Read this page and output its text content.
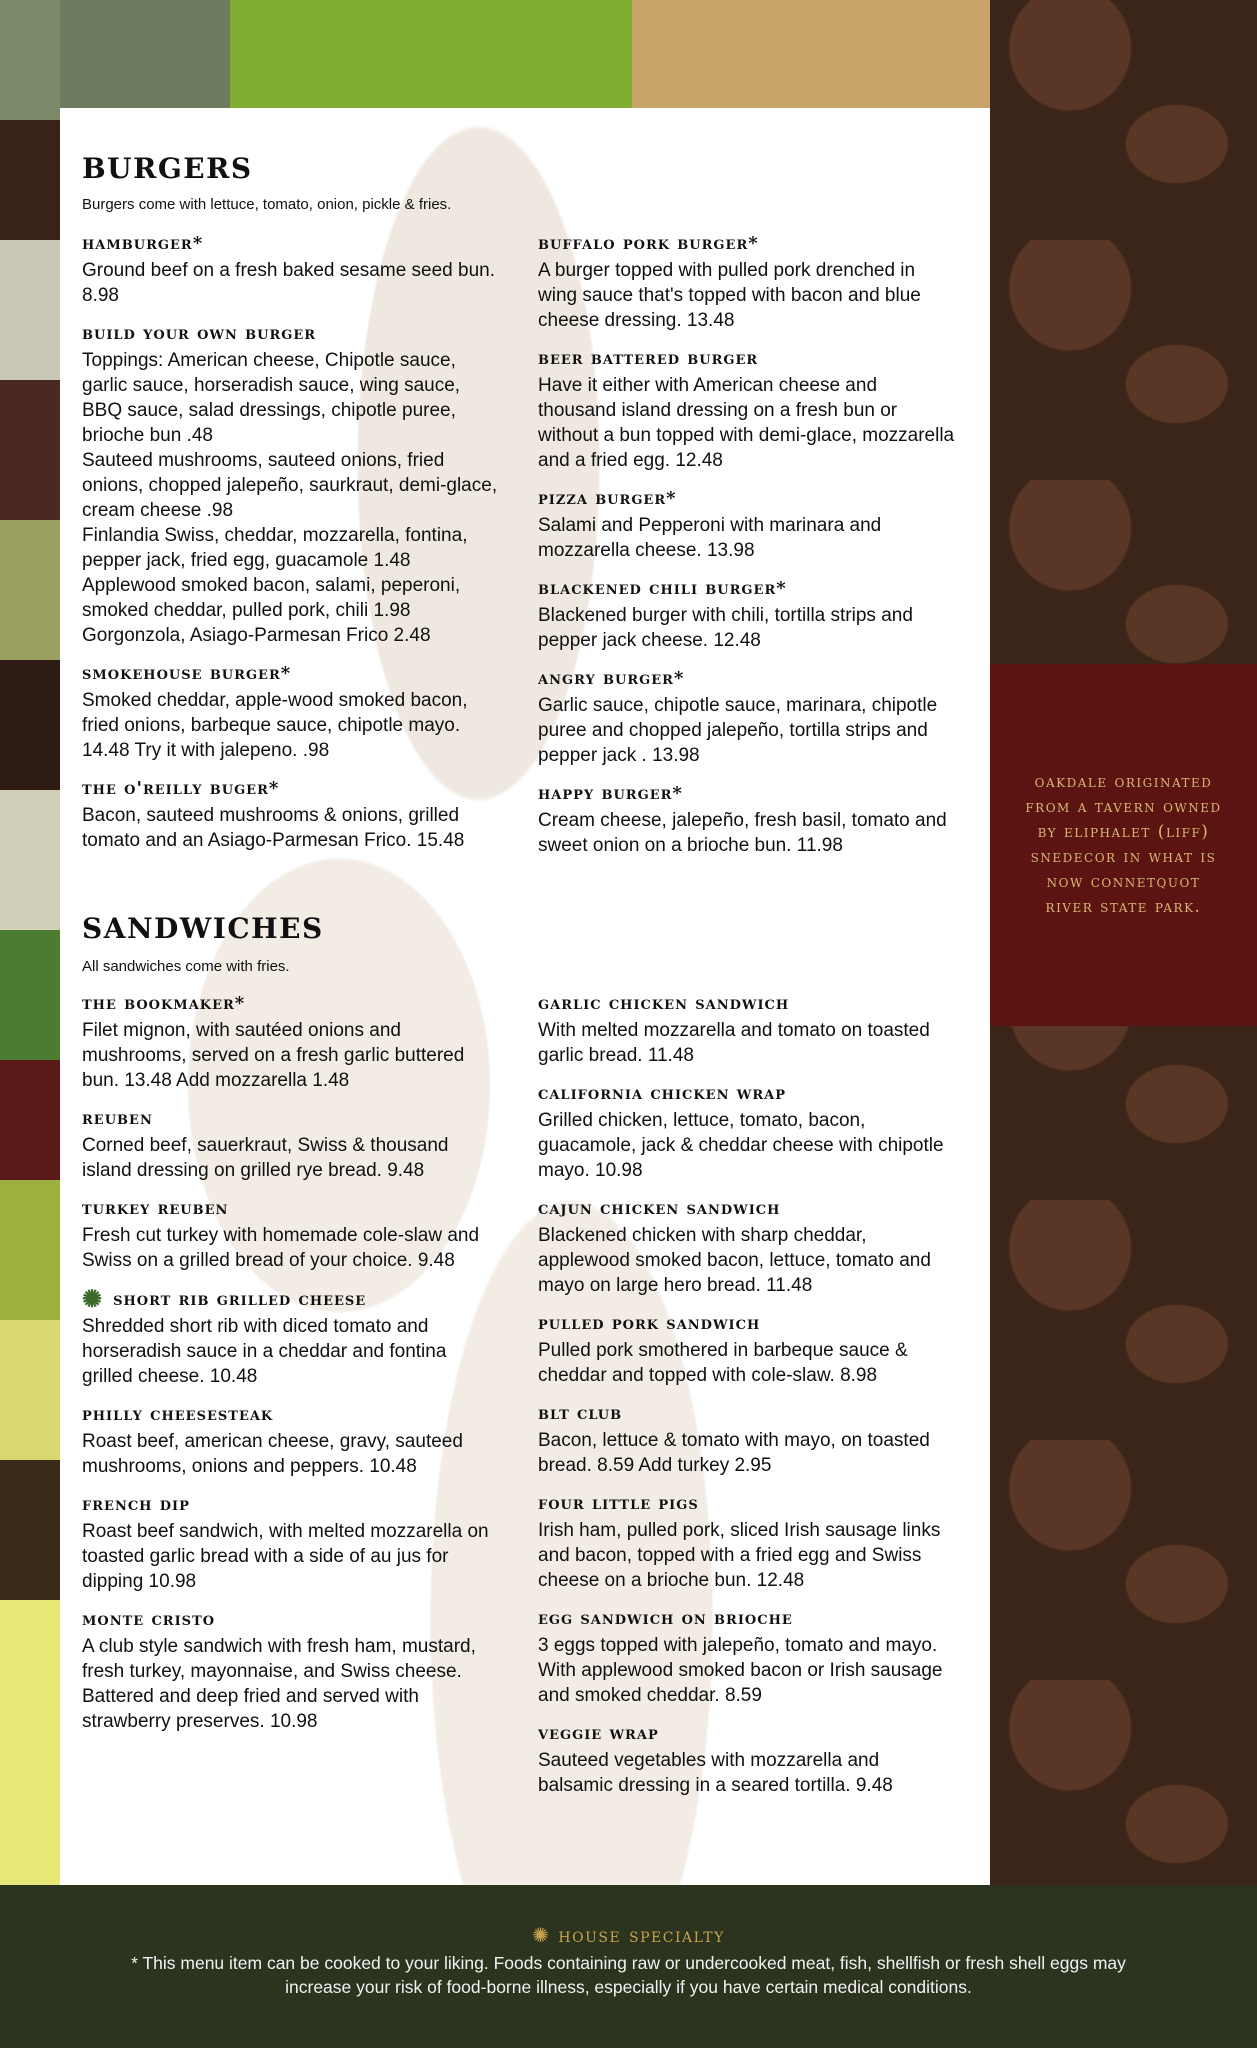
oakdale originated from a tavern owned by eliphalet (liff) snedecor in what is now connetquot river state park.
BURGERS
Burgers come with lettuce, tomato, onion, pickle & fries.
hamburger*
Ground beef on a fresh baked sesame seed bun. 8.98
build your own burger
Toppings: American cheese, Chipotle sauce, garlic sauce, horseradish sauce, wing sauce, BBQ sauce, salad dressings, chipotle puree, brioche bun .48
Sauteed mushrooms, sauteed onions, fried onions, chopped jalepeño, saurkraut, demi-glace, cream cheese .98
Finlandia Swiss, cheddar, mozzarella, fontina, pepper jack, fried egg, guacamole 1.48
Applewood smoked bacon, salami, peperoni, smoked cheddar, pulled pork, chili 1.98
Gorgonzola, Asiago-Parmesan Frico 2.48
smokehouse burger*
Smoked cheddar, apple-wood smoked bacon, fried onions, barbeque sauce, chipotle mayo. 14.48 Try it with jalepeno. .98
the o'reilly buger*
Bacon, sauteed mushrooms & onions, grilled tomato and an Asiago-Parmesan Frico. 15.48
buffalo pork burger*
A burger topped with pulled pork drenched in wing sauce that's topped with bacon and blue cheese dressing. 13.48
beer battered burger
Have it either with American cheese and thousand island dressing on a fresh bun or without a bun topped with demi-glace, mozzarella and a fried egg. 12.48
pizza burger*
Salami and Pepperoni with marinara and mozzarella cheese. 13.98
blackened chili burger*
Blackened burger with chili, tortilla strips and pepper jack cheese. 12.48
angry burger*
Garlic sauce, chipotle sauce, marinara, chipotle puree and chopped jalepeño, tortilla strips and pepper jack . 13.98
happy burger*
Cream cheese, jalepeño, fresh basil, tomato and sweet onion on a brioche bun. 11.98
SANDWICHES
All sandwiches come with fries.
the bookmaker*
Filet mignon, with sautéed onions and mushrooms, served on a fresh garlic buttered bun. 13.48 Add mozzarella 1.48
reuben
Corned beef, sauerkraut, Swiss & thousand island dressing on grilled rye bread. 9.48
turkey reuben
Fresh cut turkey with homemade cole-slaw and Swiss on a grilled bread of your choice. 9.48
✺ short rib grilled cheese
Shredded short rib with diced tomato and horseradish sauce in a cheddar and fontina grilled cheese. 10.48
philly cheesesteak
Roast beef, american cheese, gravy, sauteed mushrooms, onions and peppers. 10.48
french dip
Roast beef sandwich, with melted mozzarella on toasted garlic bread with a side of au jus for dipping 10.98
monte cristo
A club style sandwich with fresh ham, mustard, fresh turkey, mayonnaise, and Swiss cheese. Battered and deep fried and served with strawberry preserves. 10.98
garlic chicken sandwich
With melted mozzarella and tomato on toasted garlic bread. 11.48
california chicken wrap
Grilled chicken, lettuce, tomato, bacon, guacamole, jack & cheddar cheese with chipotle mayo. 10.98
cajun chicken sandwich
Blackened chicken with sharp cheddar, applewood smoked bacon, lettuce, tomato and mayo on large hero bread. 11.48
pulled pork sandwich
Pulled pork smothered in barbeque sauce & cheddar and topped with cole-slaw. 8.98
blt club
Bacon, lettuce & tomato with mayo, on toasted bread. 8.59 Add turkey 2.95
four little pigs
Irish ham, pulled pork, sliced Irish sausage links and bacon, topped with a fried egg and Swiss cheese on a brioche bun. 12.48
egg sandwich on brioche
3 eggs topped with jalepeño, tomato and mayo. With applewood smoked bacon or Irish sausage and smoked cheddar. 8.59
veggie wrap
Sauteed vegetables with mozzarella and balsamic dressing in a seared tortilla. 9.48
✺ house specialty
* This menu item can be cooked to your liking. Foods containing raw or undercooked meat, fish, shellfish or fresh shell eggs may increase your risk of food-borne illness, especially if you have certain medical conditions.
